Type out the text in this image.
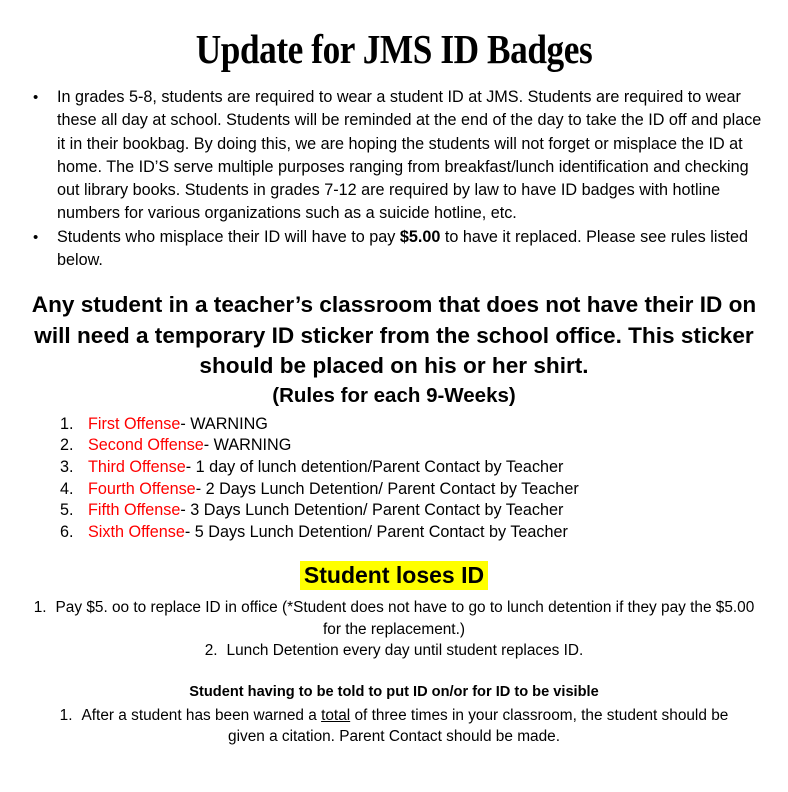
Update for JMS ID Badges
• In grades 5-8, students are required to wear a student ID at JMS. Students are required to wear these all day at school. Students will be reminded at the end of the day to take the ID off and place it in their bookbag. By doing this, we are hoping the students will not forget or misplace the ID at home. The ID’S serve multiple purposes ranging from breakfast/lunch identification and checking out library books. Students in grades 7-12 are required by law to have ID badges with hotline numbers for various organizations such as a suicide hotline, etc.
• Students who misplace their ID will have to pay $5.00 to have it replaced. Please see rules listed below.

Any student in a teacher’s classroom that does not have their ID on will need a temporary ID sticker from the school office. This sticker should be placed on his or her shirt.

(Rules for each 9-Weeks)

1. First Offense- WARNING
2. Second Offense- WARNING
3. Third Offense- 1 day of lunch detention/Parent Contact by Teacher
4. Fourth Offense- 2 Days Lunch Detention/ Parent Contact by Teacher
5. Fifth Offense- 3 Days Lunch Detention/ Parent Contact by Teacher
6. Sixth Offense- 5 Days Lunch Detention/ Parent Contact by Teacher
Student loses ID
1. Pay $5. oo to replace ID in office (*Student does not have to go to lunch detention if they pay the $5.00 for the replacement.)
2. Lunch Detention every day until student replaces ID.

Student having to be told to put ID on/or for ID to be visible

1. After a student has been warned a total of three times in your classroom, the student should be given a citation. Parent Contact should be made.
